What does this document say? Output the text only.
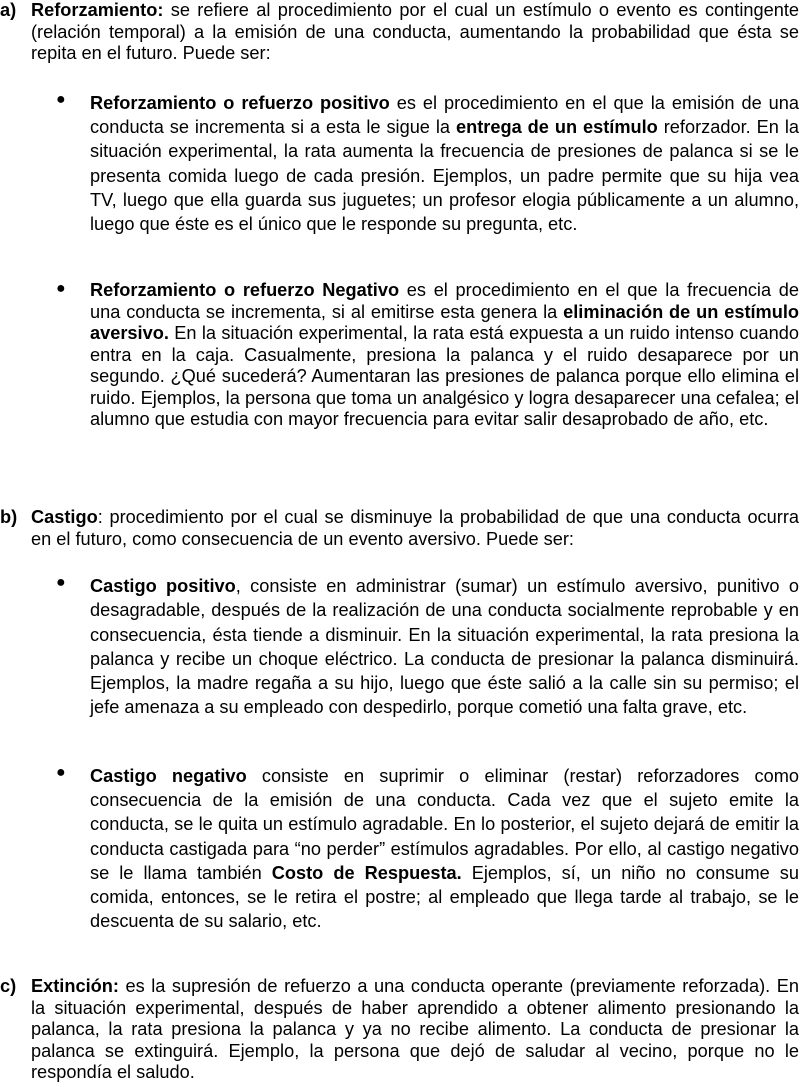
a) Reforzamiento: se refiere al procedimiento por el cual un estímulo o evento es contingente (relación temporal) a la emisión de una conducta, aumentando la probabilidad que ésta se repita en el futuro. Puede ser:

● Reforzamiento o refuerzo positivo es el procedimiento en el que la emisión de una conducta se incrementa si a esta le sigue la entrega de un estímulo reforzador. En la situación experimental, la rata aumenta la frecuencia de presiones de palanca si se le presenta comida luego de cada presión. Ejemplos, un padre permite que su hija vea TV, luego que ella guarda sus juguetes; un profesor elogia públicamente a un alumno, luego que éste es el único que le responde su pregunta, etc.

● Reforzamiento o refuerzo Negativo es el procedimiento en el que la frecuencia de una conducta se incrementa, si al emitirse esta genera la eliminación de un estímulo aversivo. En la situación experimental, la rata está expuesta a un ruido intenso cuando entra en la caja. Casualmente, presiona la palanca y el ruido desaparece por un segundo. ¿Qué sucederá? Aumentaran las presiones de palanca porque ello elimina el ruido. Ejemplos, la persona que toma un analgésico y logra desaparecer una cefalea; el alumno que estudia con mayor frecuencia para evitar salir desaprobado de año, etc.

b) Castigo: procedimiento por el cual se disminuye la probabilidad de que una conducta ocurra en el futuro, como consecuencia de un evento aversivo. Puede ser:

● Castigo positivo, consiste en administrar (sumar) un estímulo aversivo, punitivo o desagradable, después de la realización de una conducta socialmente reprobable y en consecuencia, ésta tiende a disminuir. En la situación experimental, la rata presiona la palanca y recibe un choque eléctrico. La conducta de presionar la palanca disminuirá. Ejemplos, la madre regaña a su hijo, luego que éste salió a la calle sin su permiso; el jefe amenaza a su empleado con despedirlo, porque cometió una falta grave, etc.

● Castigo negativo consiste en suprimir o eliminar (restar) reforzadores como consecuencia de la emisión de una conducta. Cada vez que el sujeto emite la conducta, se le quita un estímulo agradable. En lo posterior, el sujeto dejará de emitir la conducta castigada para “no perder” estímulos agradables. Por ello, al castigo negativo se le llama también Costo de Respuesta. Ejemplos, sí, un niño no consume su comida, entonces, se le retira el postre; al empleado que llega tarde al trabajo, se le descuenta de su salario, etc.

c) Extinción: es la supresión de refuerzo a una conducta operante (previamente reforzada). En la situación experimental, después de haber aprendido a obtener alimento presionando la palanca, la rata presiona la palanca y ya no recibe alimento. La conducta de presionar la palanca se extinguirá. Ejemplo, la persona que dejó de saludar al vecino, porque no le respondía el saludo.
